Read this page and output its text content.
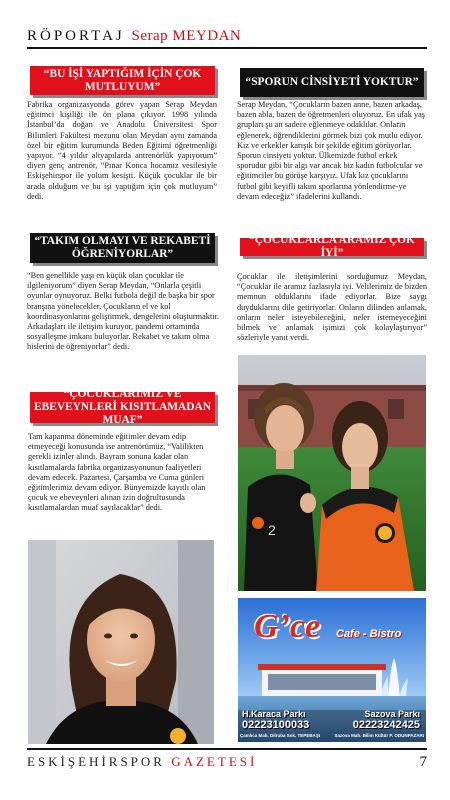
RÖPORTAJ Serap MEYDAN
“BU İŞİ YAPTIĞIM İÇİN ÇOK MUTLUYUM”
Fabrika organizasyonda görev yapan Serap Meydan eğitimci kişiliği ile ön plana çıkıyor. 1998 yılında İstanbul’da doğan ve Anadolu Üniversitesi Spor Bilimleri Fakültesi mezunu olan Meydan aynı zamanda özel bir eğitim kurumunda Beden Eğitimi öğretmenliği yapıyor. “4 yıldır altyapılarda antrenörlük yapıyorum” diyen genç antrenör, “Pınar Konca hocamız vesilesiyle Eskişehirspor ile yolum kesişti. Küçük çocuklar ile bir arada olduğum ve bu işi yaptığım için çok mutluyum” dedi.
“TAKIM OLMAYI VE REKABETİ ÖĞRENİYORLAR”
“Ben genellikle yaşı en küçük olan çocuklar ile ilgileniyorum” diyen Serap Meydan, “Onlarla çeşitli oyunlar oynuyoruz. Belki futbola değil de başka bir spor branşına yönelecekler. Çocukların el ve kol koordinasyonlarını geliştirmek, dengelerini oluşturmaktır. Arkadaşları ile iletişim kuruyor, pandemi ortamında sosyalleşme imkanı buluyorlar. Rekabet ve takım olma hislerini de öğreniyorlar” dedi.
“ÇOCUKLARIMIZ VE EBEVEYNLERİ KISITLAMADAN MUAF”
Tam kapanma döneminde eğitimler devam edip etmeyeceği konusunda ise antrenörümüz, “Valilikten gerekli izinler alındı. Bayram sonuna kadar olan kısıtlamalarda fabrika organizasyonunun faaliyetleri devam edecek. Pazartesi, Çarşamba ve Cuma günleri eğitimlerimiz devam ediyor. Bünyemizde kayıtlı olan çocuk ve ebeveynleri alınan izin doğrultusunda kısıtlamalardan muaf sayılacaklar” dedi.
“SPORUN CİNSİYETİ YOKTUR”
Serap Meydan, “Çocukların bazen anne, bazen arkadaş, bazen abla, bazen de öğretmenleri oluyoruz. En ufak yaş grupları şu an sadece eğlenmeye odaklılar. Onların eğlenerek, öğrendiklerini görmek bizi çok mutlu ediyor. Kız ve erkekler karışık bir şekilde eğitim görüyorlar. Sporun cinsiyeti yoktur. Ülkemizde futbol erkek sporudur gibi bir algı var ancak biz kadın futbolcular ve eğitimciler bu görüşe karşıyız. Ufak kız çocuklarını futbol gibi keyifli takım sporlarına yönlendirme-ye devam edeceğiz” ifadelerini kullandı.
“ÇOCUKLARLA ARAMIZ ÇOK İYİ”
Çocuklar ile iletişimlerini sorduğumuz Meydan, “Çocuklar ile aramız fazlasıyla iyi. Velilerimiz de bizden memnun olduklarını ifade ediyorlar. Bize saygı duyduklarını dile getiriyorlar. Onların dilinden anlamak, onların neler isteyebileceğini, neler istemeyeceğini bilmek ve anlamak işimizi çok kolaylaştırıyor” sözleriyle yanıt verdi.
2
G’ce Cafe - Bistro
H.Karaca Parkı
02223100033
Çamlıca Mah. Dilruba Sok. TEPEBAŞI
Sazova Parkı
02223242425
Sazova Mah. Bilim Kültür P. ODUNPAZARI
ESKİŞEHİRSPOR GAZETESİ	7
